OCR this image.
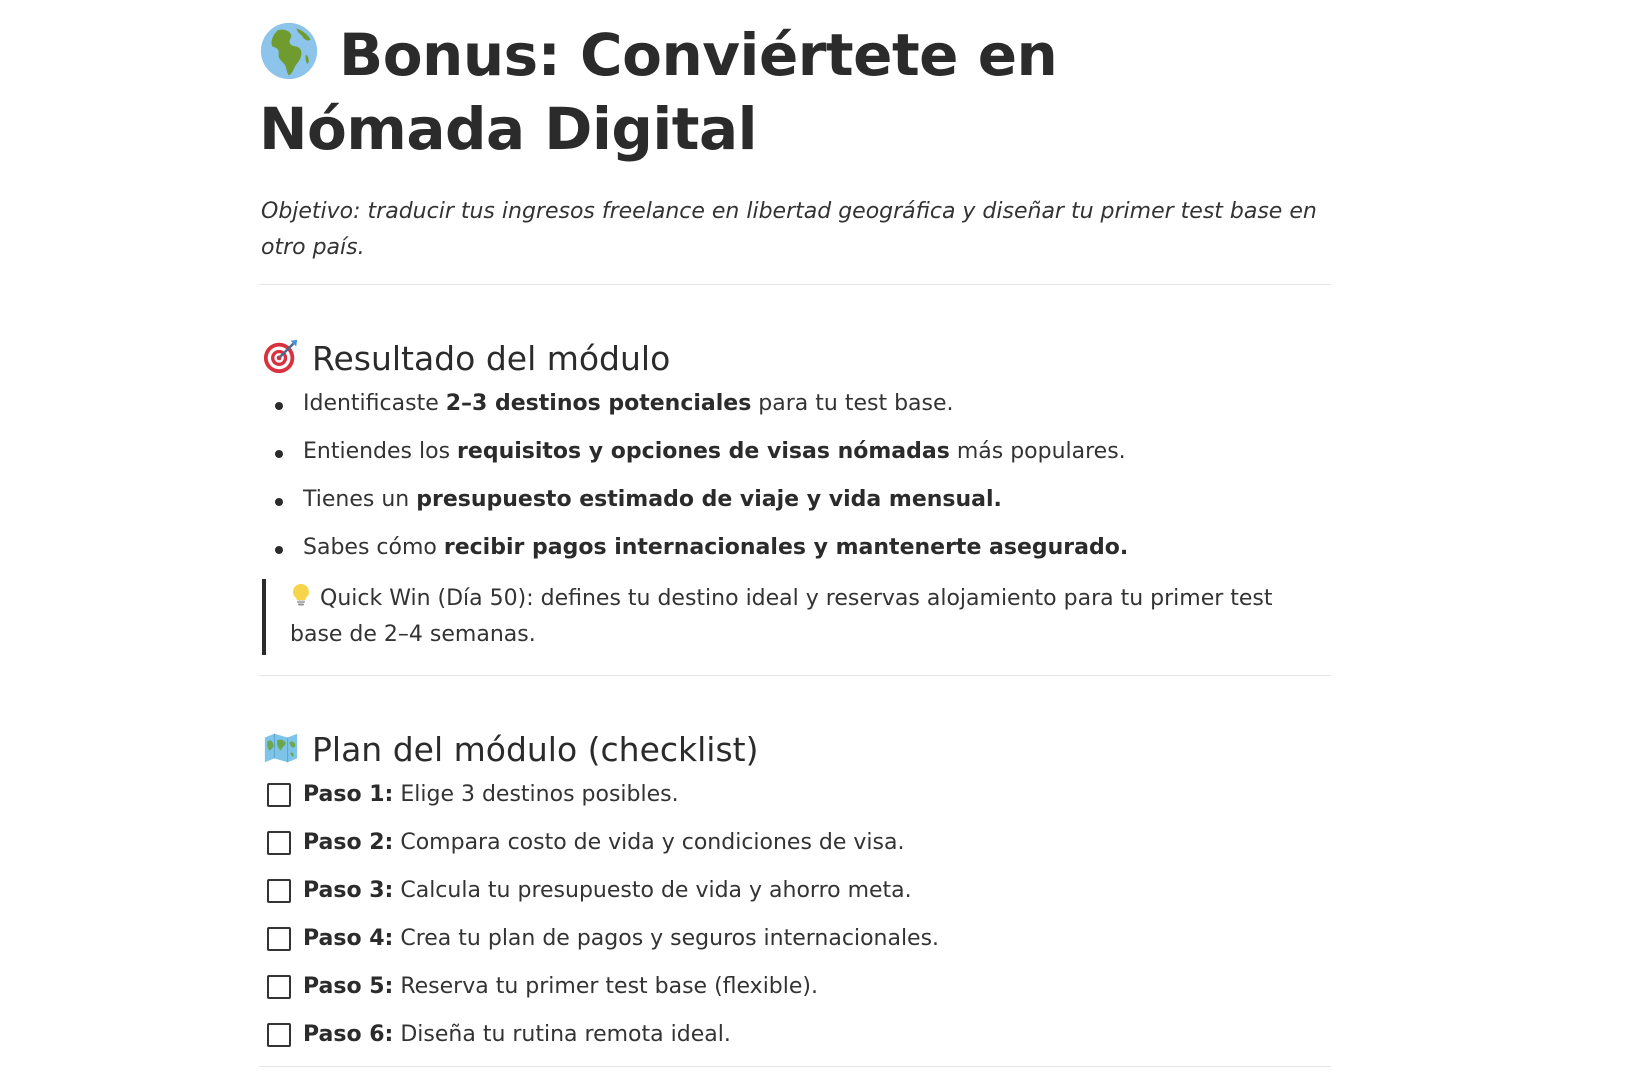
Bonus: Conviértete en Nómada Digital
Objetivo: traducir tus ingresos freelance en libertad geográfica y diseñar tu primer test base en otro país.
Resultado del módulo
Identificaste 2–3 destinos potenciales para tu test base.
Entiendes los requisitos y opciones de visas nómadas más populares.
Tienes un presupuesto estimado de viaje y vida mensual.
Sabes cómo recibir pagos internacionales y mantenerte asegurado.
Quick Win (Día 50): defines tu destino ideal y reservas alojamiento para tu primer test base de 2–4 semanas.
Plan del módulo (checklist)
Paso 1: Elige 3 destinos posibles.
Paso 2: Compara costo de vida y condiciones de visa.
Paso 3: Calcula tu presupuesto de vida y ahorro meta.
Paso 4: Crea tu plan de pagos y seguros internacionales.
Paso 5: Reserva tu primer test base (flexible).
Paso 6: Diseña tu rutina remota ideal.
